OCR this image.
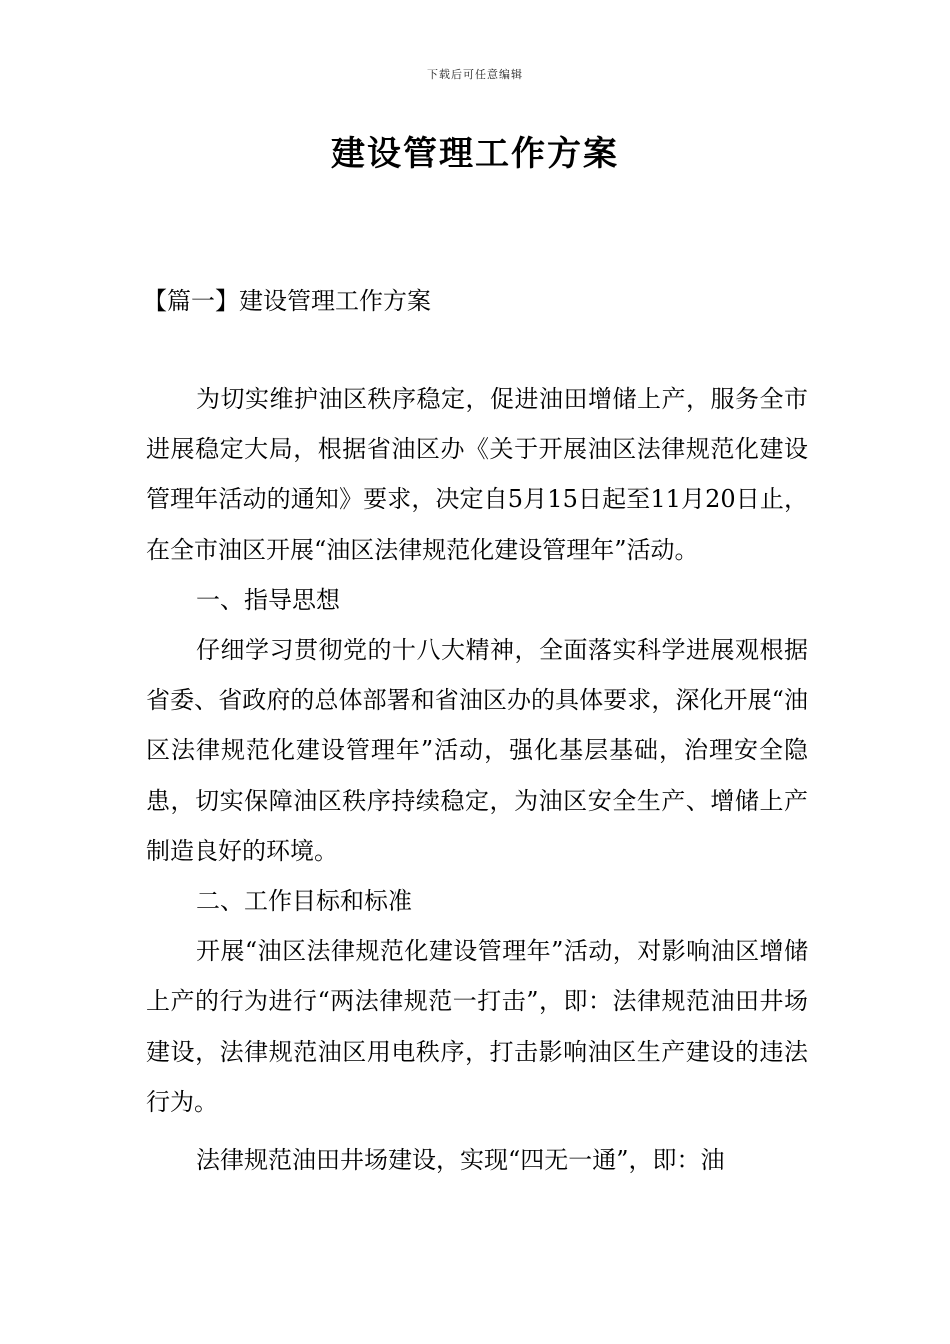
下载后可任意编辑
建设管理工作方案
【篇一】建设管理工作方案

为切实维护油区秩序稳定，促进油田增储上产，服务全市进展稳定大局，根据省油区办《关于开展油区法律规范化建设管理年活动的通知》要求，决定自5月15日起至11月20日止，在全市油区开展“油区法律规范化建设管理年”活动。

一、指导思想

仔细学习贯彻党的十八大精神，全面落实科学进展观根据省委、省政府的总体部署和省油区办的具体要求，深化开展“油区法律规范化建设管理年”活动，强化基层基础，治理安全隐患，切实保障油区秩序持续稳定，为油区安全生产、增储上产制造良好的环境。

二、工作目标和标准

开展“油区法律规范化建设管理年”活动，对影响油区增储上产的行为进行“两法律规范一打击”，即：法律规范油田井场建设，法律规范油区用电秩序，打击影响油区生产建设的违法行为。

法律规范油田井场建设，实现“四无一通”，即：油
